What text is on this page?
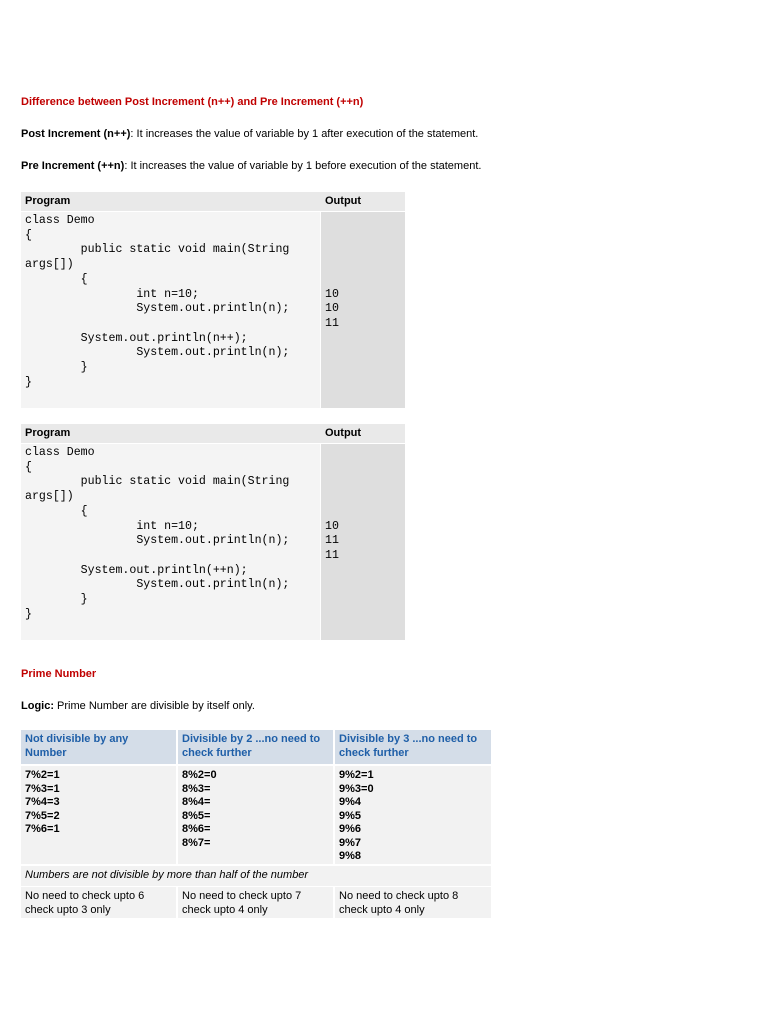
Difference between Post Increment (n++) and Pre Increment (++n)
Post Increment (n++): It increases the value of variable by 1 after execution of the statement.
Pre Increment (++n): It increases the value of variable by 1 before execution of the statement.
Program	Output
class Demo
{
public static void main(String
args[])
{
int n=10;
System.out.println(n);

System.out.println(n++);
System.out.println(n);
}
}

10
10
11
Program	Output
class Demo
{
public static void main(String
args[])
{
int n=10;
System.out.println(n);

System.out.println(++n);
System.out.println(n);
}
}

10
11
11
Prime Number
Logic: Prime Number are divisible by itself only.
Not divisible by any
Number
Divisible by 2 ...no need to
check further
Divisible by 3 ...no need to
check further
7%2=1
7%3=1
7%4=3
7%5=2
7%6=1
8%2=0
8%3=
8%4=
8%5=
8%6=
8%7=
9%2=1
9%3=0
9%4
9%5
9%6
9%7
9%8
Numbers are not divisible by more than half of the number
No need to check upto 6
check upto 3 only
No need to check upto 7
check upto 4 only
No need to check upto 8
check upto 4 only
